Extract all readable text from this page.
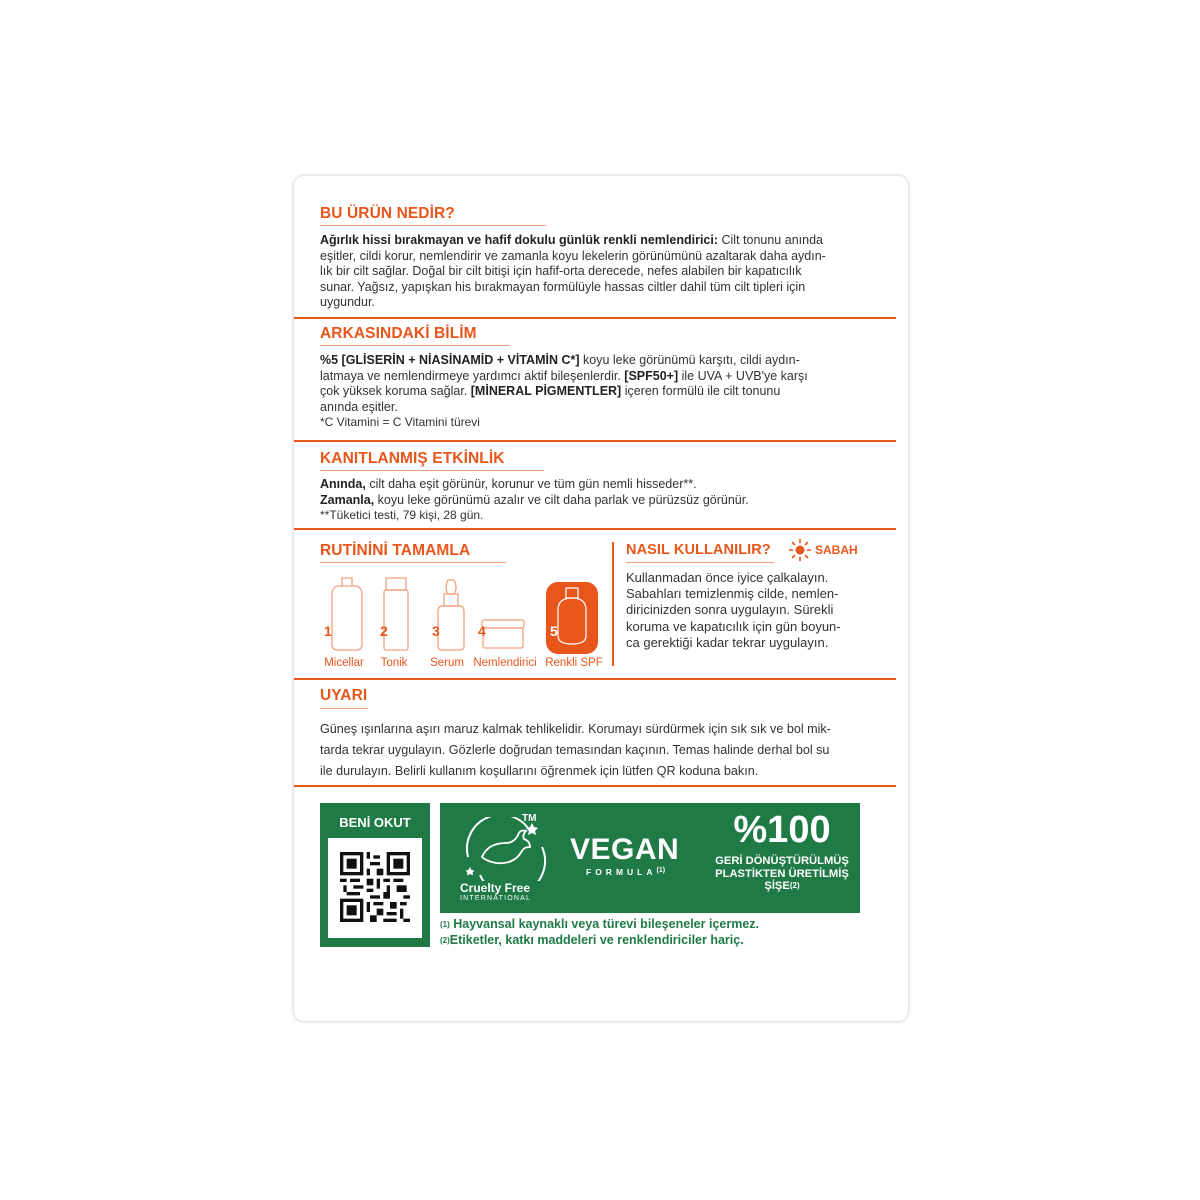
BU ÜRÜN NEDİR?
Ağırlık hissi bırakmayan ve hafif dokulu günlük renkli nemlendirici: Cilt tonunu anında
eşitler, cildi korur, nemlendirir ve zamanla koyu lekelerin görünümünü azaltarak daha aydın-
lık bir cilt sağlar. Doğal bir cilt bitişi için hafif-orta derecede, nefes alabilen bir kapatıcılık
sunar. Yağsız, yapışkan his bırakmayan formülüyle hassas ciltler dahil tüm cilt tipleri için
uygundur.
ARKASINDAKİ BİLİM
%5 [GLİSERİN + NİASİNAMİD + VİTAMİN C*] koyu leke görünümü karşıtı, cildi aydın-
latmaya ve nemlendirmeye yardımcı aktif bileşenlerdir. [SPF50+] ile UVA + UVB'ye karşı
çok yüksek koruma sağlar. [MİNERAL PİGMENTLER] içeren formülü ile cilt tonunu
anında eşitler.
*C Vitamini = C Vitamini türevi
KANITLANMIŞ ETKİNLİK
Anında, cilt daha eşit görünür, korunur ve tüm gün nemli hisseder**.
Zamanla, koyu leke görünümü azalır ve cilt daha parlak ve pürüzsüz görünür.
**Tüketici testi, 79 kişi, 28 gün.
RUTİNİNİ TAMAMLA
1	2	3	4	5
Micellar	Tonik	Serum Nemlendirici Renkli SPF
NASIL KULLANILIR?	SABAH
Kullanmadan önce iyice çalkalayın.
Sabahları temizlenmiş cilde, nemlen-
diricinizden sonra uygulayın. Sürekli
koruma ve kapatıcılık için gün boyun-
ca gerektiği kadar tekrar uygulayın.
UYARI
Güneş ışınlarına aşırı maruz kalmak tehlikelidir. Korumayı sürdürmek için sık sık ve bol mik-
tarda tekrar uygulayın. Gözlerle doğrudan temasından kaçının. Temas halinde derhal bol su
ile durulayın. Belirli kullanım koşullarını öğrenmek için lütfen QR koduna bakın.
BENİ OKUT	TM
Cruelty Free
INTERNATIONAL
VEGAN
FORMULA$^{(1)}$
%100
GERİ DÖNÜŞTÜRÜLMÜŞ
PLASTİKTEN ÜRETİLMİŞ
ŞİŞE$^{(2)}$
$^{(1)}$ Hayvansal kaynaklı veya türevi bileşeneler içermez.
$^{(2)}$Etiketler, katkı maddeleri ve renklendiriciler hariç.
